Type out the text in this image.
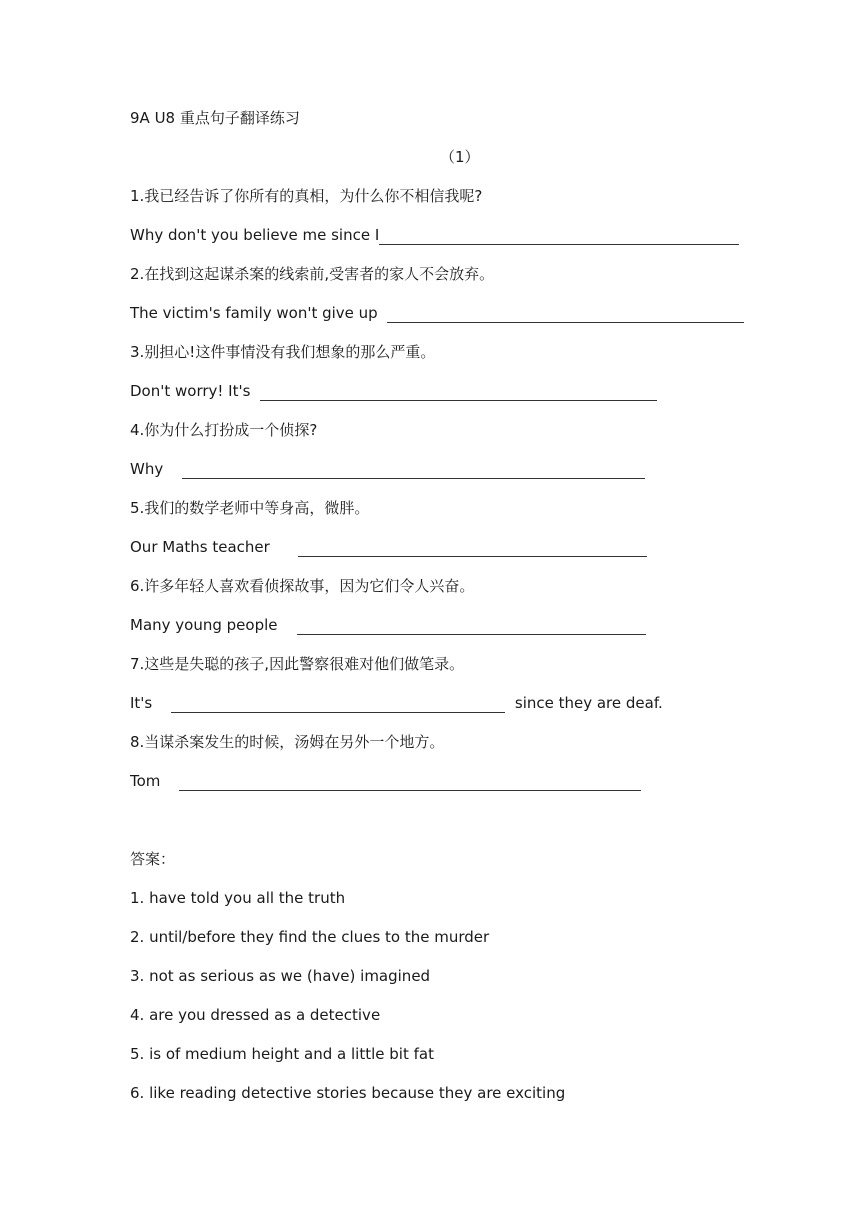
9A U8 重点句子翻译练习
（1）
1.我已经告诉了你所有的真相，为什么你不相信我呢?
Why don't you believe me since I
2.在找到这起谋杀案的线索前,受害者的家人不会放弃。
The victim's family won't give up
3.别担心!这件事情没有我们想象的那么严重。
Don't worry! It's
4.你为什么打扮成一个侦探?
Why
5.我们的数学老师中等身高，微胖。
Our Maths teacher
6.许多年轻人喜欢看侦探故事，因为它们令人兴奋。
Many young people
7.这些是失聪的孩子,因此警察很难对他们做笔录。
It's	since they are deaf.
8.当谋杀案发生的时候，汤姆在另外一个地方。
Tom
答案：
1. have told you all the truth
2. until/before they find the clues to the murder
3. not as serious as we (have) imagined
4. are you dressed as a detective
5. is of medium height and a little bit fat
6. like reading detective stories because they are exciting
